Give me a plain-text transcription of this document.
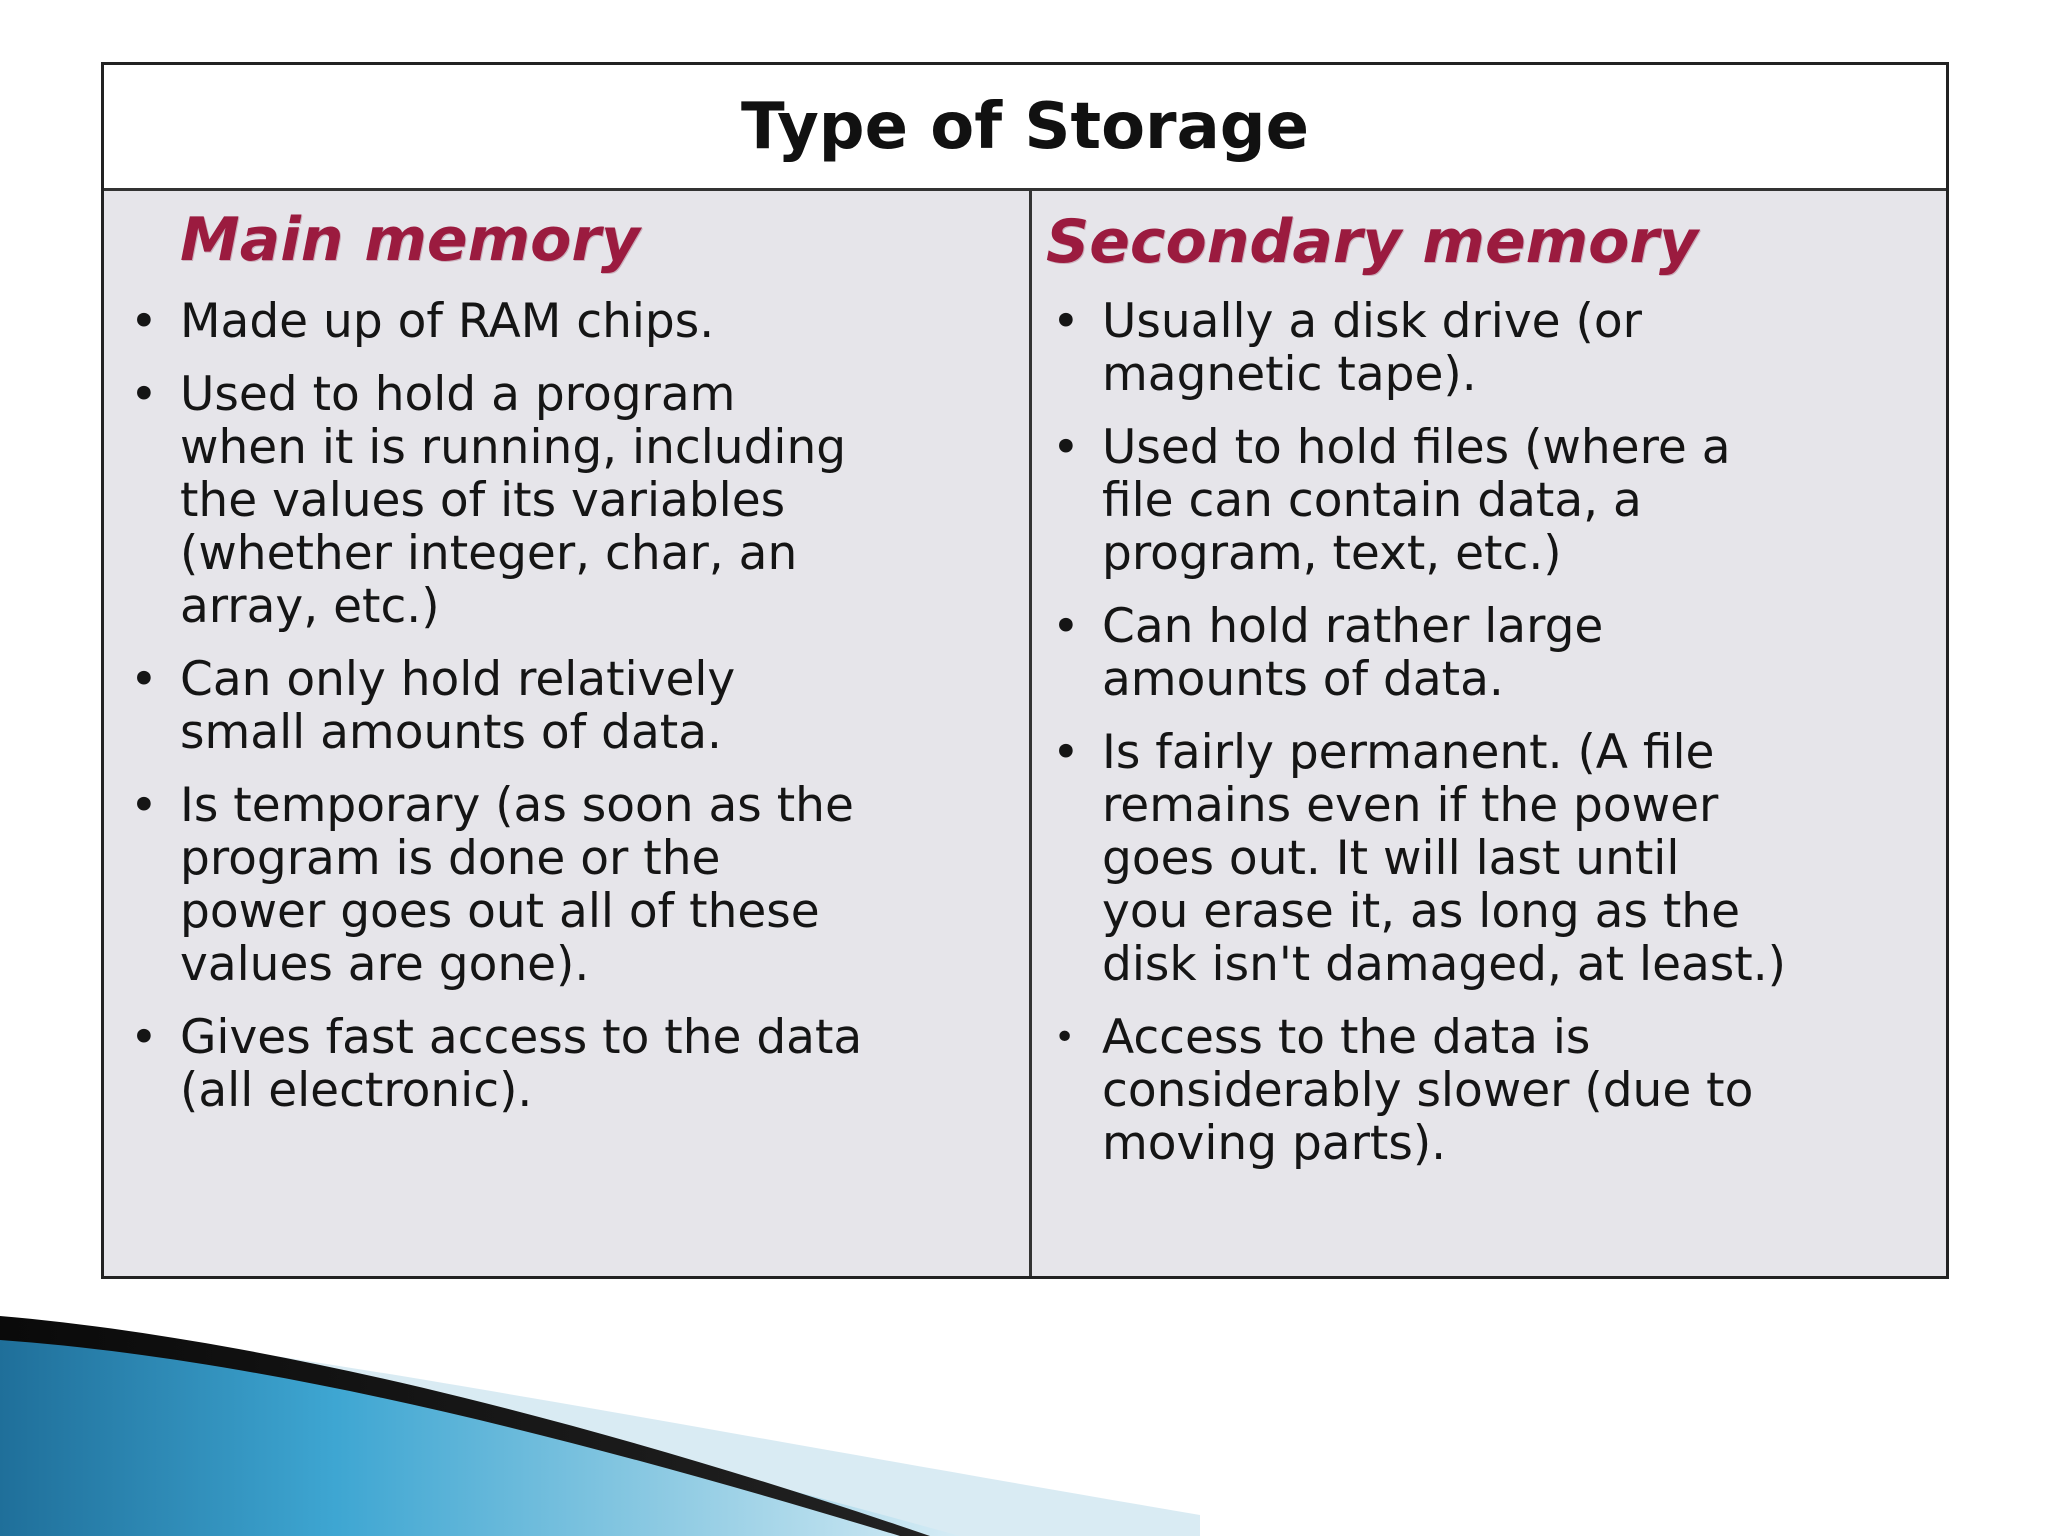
Type of Storage
Main memory
• Made up of RAM chips.
• Used to hold a program
when it is running, including
the values of its variables
(whether integer, char, an
array, etc.)
• Can only hold relatively
small amounts of data.
• Is temporary (as soon as the
program is done or the
power goes out all of these
values are gone).
• Gives fast access to the data
(all electronic).
Secondary memory
• Usually a disk drive (or
magnetic tape).
• Used to hold files (where a
file can contain data, a
program, text, etc.)
• Can hold rather large
amounts of data.
• Is fairly permanent. (A file
remains even if the power
goes out. It will last until
you erase it, as long as the
disk isn't damaged, at least.)
• Access to the data is
considerably slower (due to
moving parts).
